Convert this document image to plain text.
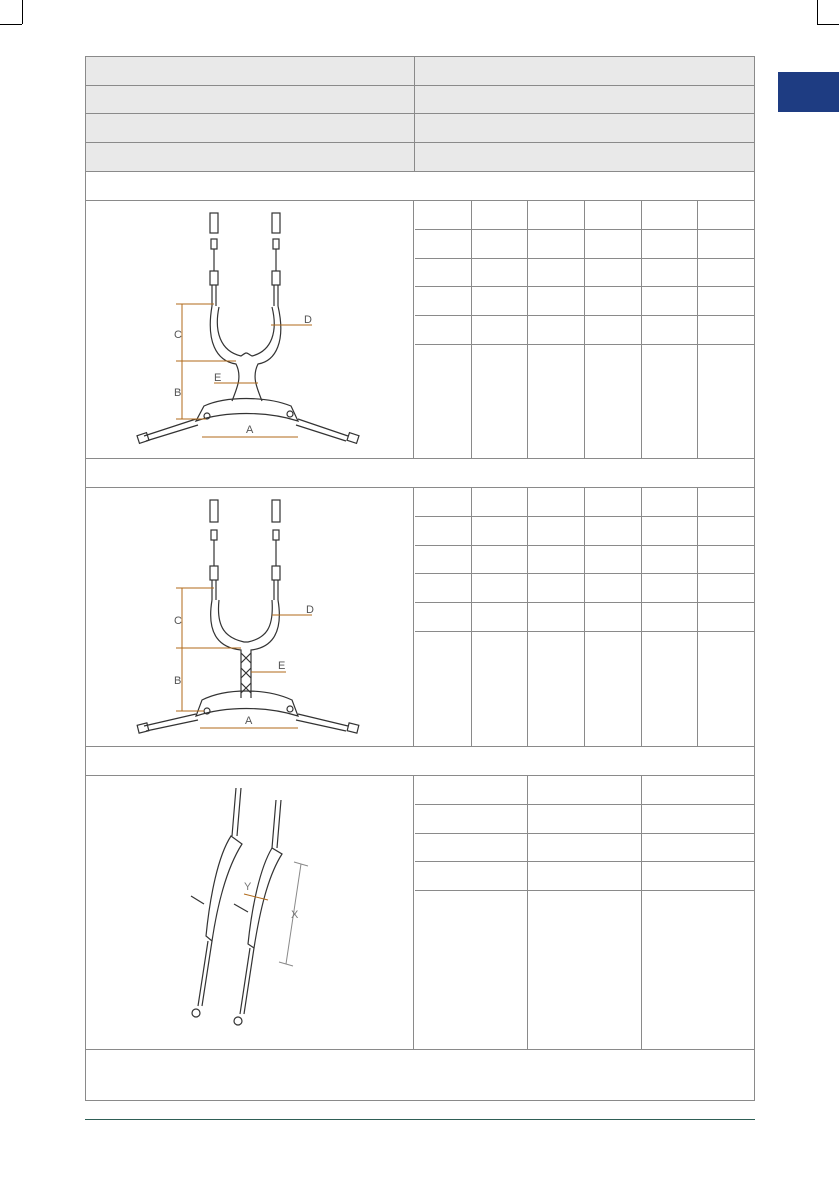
C
B
A
D
E
C
B
A
D
E
X
Y
